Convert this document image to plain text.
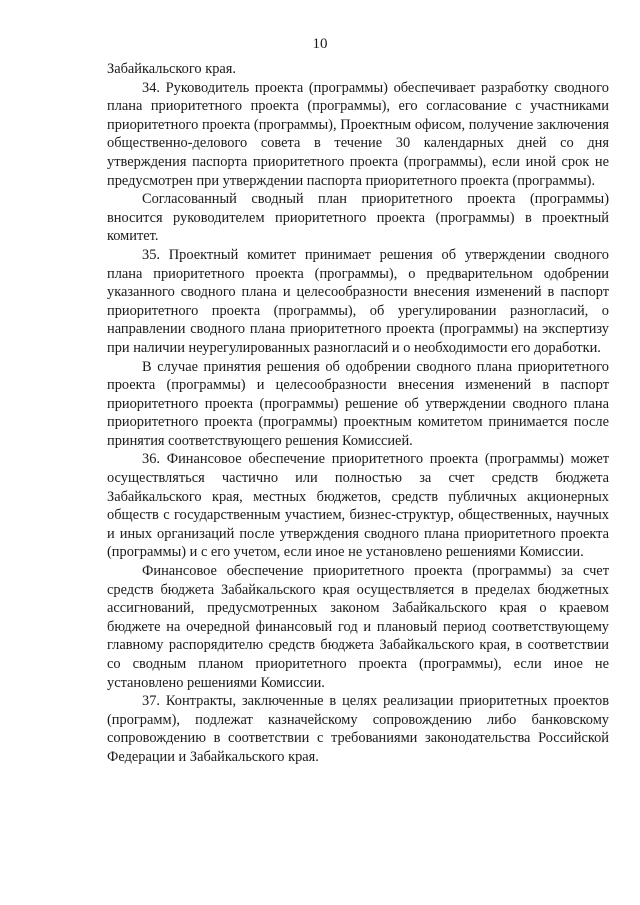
10

Забайкальского края.

34. Руководитель проекта (программы) обеспечивает разработку сводного плана приоритетного проекта (программы), его согласование с участниками приоритетного проекта (программы), Проектным офисом, получение заключения общественно-делового совета в течение 30 календарных дней со дня утверждения паспорта приоритетного проекта (программы), если иной срок не предусмотрен при утверждении паспорта приоритетного проекта (программы).

Согласованный сводный план приоритетного проекта (программы) вносится руководителем приоритетного проекта (программы) в проектный комитет.

35. Проектный комитет принимает решения об утверждении сводного плана приоритетного проекта (программы), о предварительном одобрении указанного сводного плана и целесообразности внесения изменений в паспорт приоритетного проекта (программы), об урегулировании разногласий, о направлении сводного плана приоритетного проекта (программы) на экспертизу при наличии неурегулированных разногласий и о необходимости его доработки.

В случае принятия решения об одобрении сводного плана приоритетного проекта (программы) и целесообразности внесения изменений в паспорт приоритетного проекта (программы) решение об утверждении сводного плана приоритетного проекта (программы) проектным комитетом принимается после принятия соответствующего решения Комиссией.

36. Финансовое обеспечение приоритетного проекта (программы) может осуществляться частично или полностью за счет средств бюджета Забайкальского края, местных бюджетов, средств публичных акционерных обществ с государственным участием, бизнес-структур, общественных, научных и иных организаций после утверждения сводного плана приоритетного проекта (программы) и с его учетом, если иное не установлено решениями Комиссии.

Финансовое обеспечение приоритетного проекта (программы) за счет средств бюджета Забайкальского края осуществляется в пределах бюджетных ассигнований, предусмотренных законом Забайкальского края о краевом бюджете на очередной финансовый год и плановый период соответствующему главному распорядителю средств бюджета Забайкальского края, в соответствии со сводным планом приоритетного проекта (программы), если иное не установлено решениями Комиссии.

37. Контракты, заключенные в целях реализации приоритетных проектов (программ), подлежат казначейскому сопровождению либо банковскому сопровождению в соответствии с требованиями законодательства Российской Федерации и Забайкальского края.
